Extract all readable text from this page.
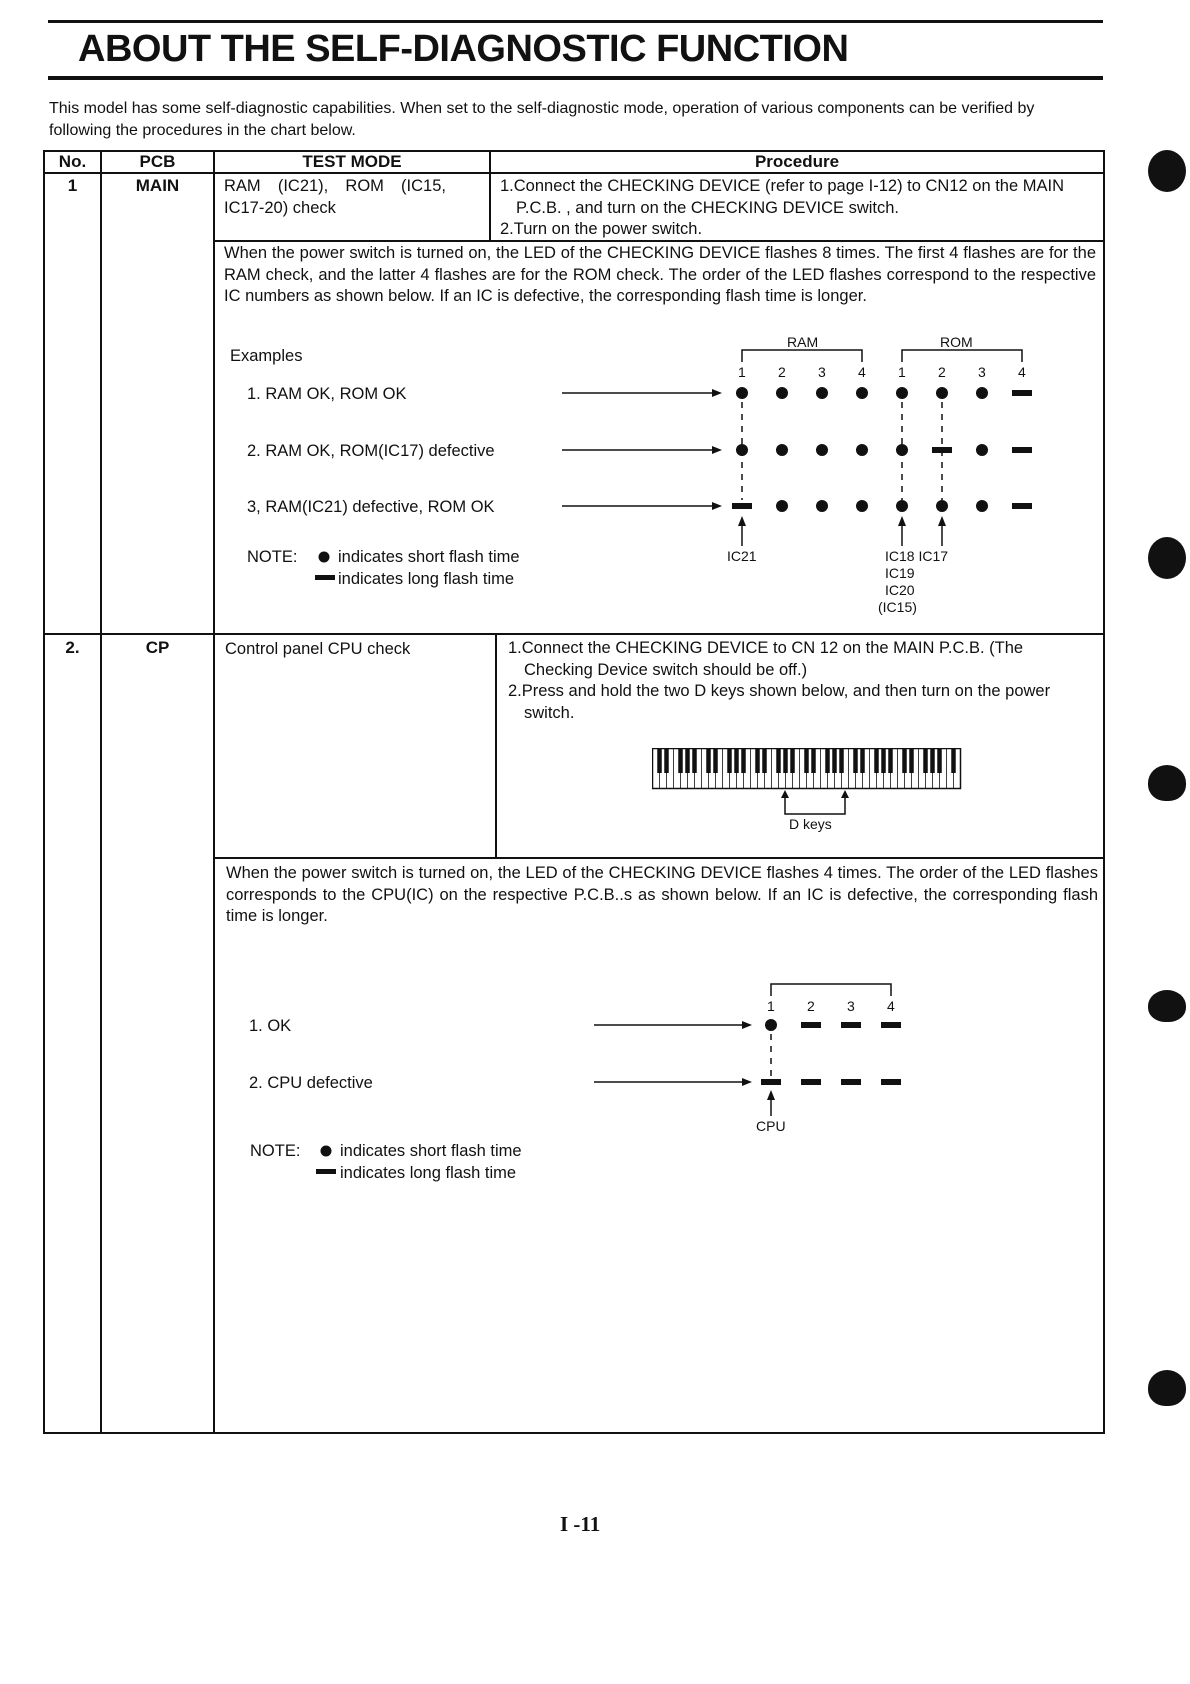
ABOUT THE SELF-DIAGNOSTIC FUNCTION

This model has some self-diagnostic capabilities. When set to the self-diagnostic mode, operation of various components can be verified by following the procedures in the chart below.

No.	PCB	TEST MODE	Procedure
1	MAIN	RAM (IC21), ROM (IC15, IC17-20) check

1.Connect the CHECKING DEVICE (refer to page I-12) to CN12 on the MAIN P.C.B. , and turn on the CHECKING DEVICE switch.
2.Turn on the power switch.

When the power switch is turned on, the LED of the CHECKING DEVICE flashes 8 times. The first 4 flashes are for the RAM check, and the latter 4 flashes are for the ROM check. The order of the LED flashes correspond to the respective IC numbers as shown below. If an IC is defective, the corresponding flash time is longer.

Examples
1. RAM OK, ROM OK
2. RAM OK, ROM(IC17) defective
3, RAM(IC21) defective, ROM OK
RAM	ROM
1 2 3 4 1 2 3 4
IC21	IC18 IC17
IC19
IC20
(IC15)
NOTE: indicates short flash time
indicates long flash time
2.	CP	Control panel CPU check	1.Connect the CHECKING DEVICE to CN 12 on the MAIN P.C.B. (The Checking Device switch should be off.)
2.Press and hold the two D keys shown below, and then turn on the power switch.
D keys

When the power switch is turned on, the LED of the CHECKING DEVICE flashes 4 times. The order of the LED flashes corresponds to the CPU(IC) on the respective P.C.B..s as shown below. If an IC is defective, the corresponding flash time is longer.

1. OK
2. CPU defective
1 2 3 4
CPU
NOTE: indicates short flash time
indicates long flash time
I -11
